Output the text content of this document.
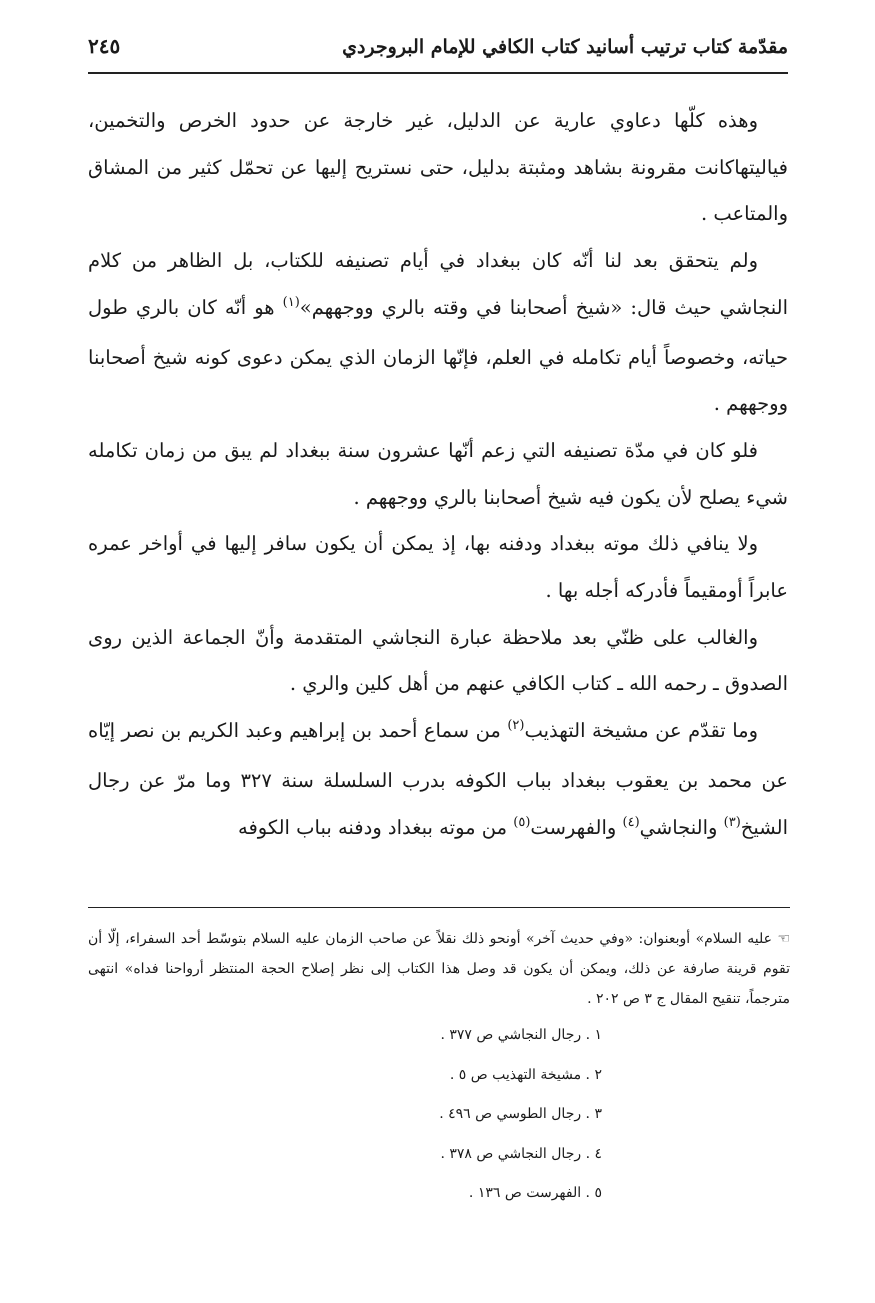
مقدّمة كتاب ترتيب أسانيد كتاب الكافي للإمام البروجردي
٢٤٥

وهذه كلّها دعاوي عارية عن الدليل، غير خارجة عن حدود الخرص والتخمين، فياليتهاكانت مقرونة بشاهد ومثبتة بدليل، حتى نستريح إليها عن تحمّل كثير من المشاق والمتاعب .

ولم يتحقق بعد لنا أنّه كان ببغداد في أيام تصنيفه للكتاب، بل الظاهر من كلام النجاشي حيث قال: «شيخ أصحابنا في وقته بالري ووجههم»$^{(١)}$ هو أنّه كان بالري طول حياته، وخصوصاً أيام تكامله في العلم، فإنّها الزمان الذي يمكن دعوى كونه شيخ أصحابنا ووجههم .

فلو كان في مدّة تصنيفه التي زعم أنّها عشرون سنة ببغداد لم يبق من زمان تكامله شيء يصلح لأن يكون فيه شيخ أصحابنا بالري ووجههم .

ولا ينافي ذلك موته ببغداد ودفنه بها، إذ يمكن أن يكون سافر إليها في أواخر عمره عابراً أومقيماً فأدركه أجله بها .

والغالب على ظنّي بعد ملاحظة عبارة النجاشي المتقدمة وأنّ الجماعة الذين روى الصدوق ـ رحمه الله ـ كتاب الكافي عنهم من أهل كلين والري .

وما تقدّم عن مشيخة التهذيب$^{(٢)}$ من سماع أحمد بن إبراهيم وعبد الكريم بن نصر إيّاه عن محمد بن يعقوب ببغداد بباب الكوفه بدرب السلسلة سنة ٣٢٧ وما مرّ عن رجال الشيخ$^{(٣)}$ والنجاشي$^{(٤)}$ والفهرست$^{(٥)}$ من موته ببغداد ودفنه بباب الكوفه

☜ عليه السلام» أوبعنوان: «وفي حديث آخر» أونحو ذلك نقلاً عن صاحب الزمان عليه السلام بتوسّط أحد السفراء، إلّا أن تقوم قرينة صارفة عن ذلك، ويمكن أن يكون قد وصل هذا الكتاب إلى نظر إصلاح الحجة المنتظر أرواحنا فداه» انتهى مترجماً، تنقيح المقال ج ٣ ص ٢٠٢ .

١ . رجال النجاشي ص ٣٧٧ .
٢ . مشيخة التهذيب ص ٥ .
٣ . رجال الطوسي ص ٤٩٦ .
٤ . رجال النجاشي ص ٣٧٨ .
٥ . الفهرست ص ١٣٦ .
